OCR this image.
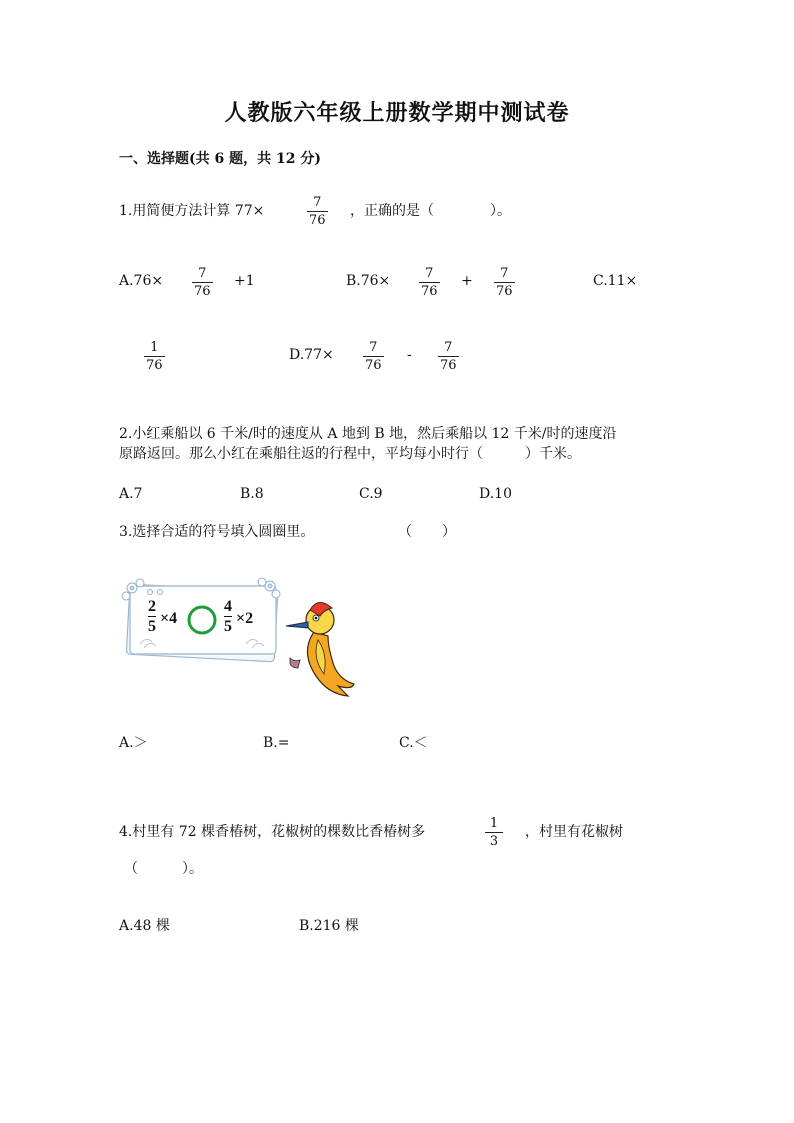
人教版六年级上册数学期中测试卷
一、选择题(共 6 题，共 12 分)
1.用简便方法计算 77×
7
76
，正确的是（	）。
A.76×	7
76
+1	B.76×	7
76
+ 7
76
C.11×
1
76
D.77×	7
76
- 7
76
2.小红乘船以 6 千米/时的速度从 A 地到 B 地，然后乘船以 12 千米/时的速度沿
原路返回。那么小红在乘船往返的行程中，平均每小时行（	）千米。
A.7	B.8	C.9	D.10
3.选择合适的符号填入圆圈里。	（ ）
2
5 ×4
4
5 ×2
A.＞	B.=	C.＜
4.村里有 72 棵香椿树，花椒树的棵数比香椿树多
1
3
，村里有花椒树
（	）。
A.48 棵	B.216 棵
